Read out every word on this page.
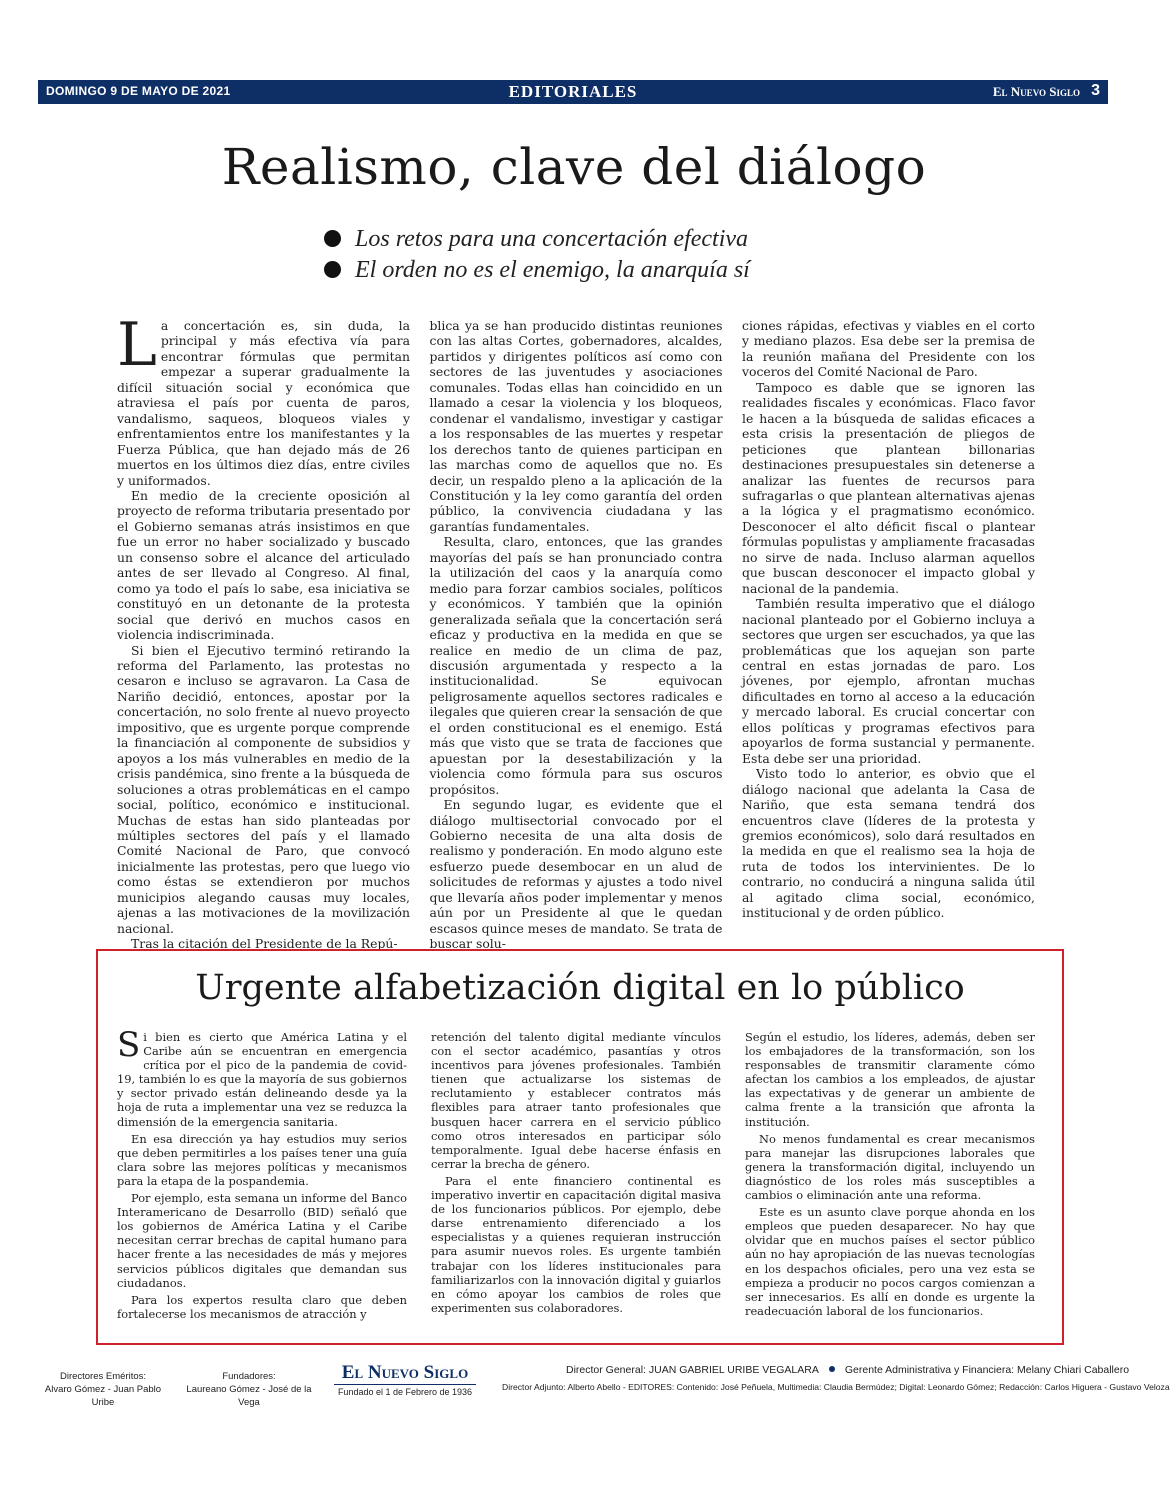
DOMINGO 9 DE MAYO DE 2021	EDITORIALES	El Nuevo Siglo 3
Realismo, clave del diálogo
Los retos para una concertación efectiva
El orden no es el enemigo, la anarquía sí

La concertación es, sin duda, la principal y más efectiva vía para encontrar fórmulas que permitan empezar a superar gradualmente la difícil situación social y económica que atraviesa el país por cuenta de paros, vandalismo, saqueos, bloqueos viales y enfrentamientos entre los manifestantes y la Fuerza Pública, que han dejado más de 26 muertos en los últimos diez días, entre civiles y uniformados.

En medio de la creciente oposición al proyecto de reforma tributaria presentado por el Gobierno semanas atrás insistimos en que fue un error no haber socializado y buscado un consenso sobre el alcance del articulado antes de ser llevado al Congreso. Al final, como ya todo el país lo sabe, esa iniciativa se constituyó en un detonante de la protesta social que derivó en muchos casos en violencia indiscriminada.

Si bien el Ejecutivo terminó retirando la reforma del Parlamento, las protestas no cesaron e incluso se agravaron. La Casa de Nariño decidió, entonces, apostar por la concertación, no solo frente al nuevo proyecto impositivo, que es urgente porque comprende la financiación al componente de subsidios y apoyos a los más vulnerables en medio de la crisis pandémica, sino frente a la búsqueda de soluciones a otras problemáticas en el campo social, político, económico e institucional. Muchas de estas han sido planteadas por múltiples sectores del país y el llamado Comité Nacional de Paro, que convocó inicialmente las protestas, pero que luego vio como éstas se extendieron por muchos municipios alegando causas muy locales, ajenas a las motivaciones de la movilización nacional.

Tras la citación del Presidente de la Repú-

blica ya se han producido distintas reuniones con las altas Cortes, gobernadores, alcaldes, partidos y dirigentes políticos así como con sectores de las juventudes y asociaciones comunales. Todas ellas han coincidido en un llamado a cesar la violencia y los bloqueos, condenar el vandalismo, investigar y castigar a los responsables de las muertes y respetar los derechos tanto de quienes participan en las marchas como de aquellos que no. Es decir, un respaldo pleno a la aplicación de la Constitución y la ley como garantía del orden público, la convivencia ciudadana y las garantías fundamentales.

Resulta, claro, entonces, que las grandes mayorías del país se han pronunciado contra la utilización del caos y la anarquía como medio para forzar cambios sociales, políticos y económicos. Y también que la opinión generalizada señala que la concertación será eficaz y productiva en la medida en que se realice en medio de un clima de paz, discusión argumentada y respecto a la institucionalidad. Se equivocan peligrosamente aquellos sectores radicales e ilegales que quieren crear la sensación de que el orden constitucional es el enemigo. Está más que visto que se trata de facciones que apuestan por la desestabilización y la violencia como fórmula para sus oscuros propósitos.

En segundo lugar, es evidente que el diálogo multisectorial convocado por el Gobierno necesita de una alta dosis de realismo y ponderación. En modo alguno este esfuerzo puede desembocar en un alud de solicitudes de reformas y ajustes a todo nivel que llevaría años poder implementar y menos aún por un Presidente al que le quedan escasos quince meses de mandato. Se trata de buscar solu-

ciones rápidas, efectivas y viables en el corto y mediano plazos. Esa debe ser la premisa de la reunión mañana del Presidente con los voceros del Comité Nacional de Paro.

Tampoco es dable que se ignoren las realidades fiscales y económicas. Flaco favor le hacen a la búsqueda de salidas eficaces a esta crisis la presentación de pliegos de peticiones que plantean billonarias destinaciones presupuestales sin detenerse a analizar las fuentes de recursos para sufragarlas o que plantean alternativas ajenas a la lógica y el pragmatismo económico. Desconocer el alto déficit fiscal o plantear fórmulas populistas y ampliamente fracasadas no sirve de nada. Incluso alarman aquellos que buscan desconocer el impacto global y nacional de la pandemia.

También resulta imperativo que el diálogo nacional planteado por el Gobierno incluya a sectores que urgen ser escuchados, ya que las problemáticas que los aquejan son parte central en estas jornadas de paro. Los jóvenes, por ejemplo, afrontan muchas dificultades en torno al acceso a la educación y mercado laboral. Es crucial concertar con ellos políticas y programas efectivos para apoyarlos de forma sustancial y permanente. Esta debe ser una prioridad.

Visto todo lo anterior, es obvio que el diálogo nacional que adelanta la Casa de Nariño, que esta semana tendrá dos encuentros clave (líderes de la protesta y gremios económicos), solo dará resultados en la medida en que el realismo sea la hoja de ruta de todos los intervinientes. De lo contrario, no conducirá a ninguna salida útil al agitado clima social, económico, institucional y de orden público.

Urgente alfabetización digital en lo público

Si bien es cierto que América Latina y el Caribe aún se encuentran en emergencia crítica por el pico de la pandemia de covid-19, también lo es que la mayoría de sus gobiernos y sector privado están delineando desde ya la hoja de ruta a implementar una vez se reduzca la dimensión de la emergencia sanitaria.

En esa dirección ya hay estudios muy serios que deben permitirles a los países tener una guía clara sobre las mejores políticas y mecanismos para la etapa de la pospandemia.

Por ejemplo, esta semana un informe del Banco Interamericano de Desarrollo (BID) señaló que los gobiernos de América Latina y el Caribe necesitan cerrar brechas de capital humano para hacer frente a las necesidades de más y mejores servicios públicos digitales que demandan sus ciudadanos.

Para los expertos resulta claro que deben fortalecerse los mecanismos de atracción y

retención del talento digital mediante vínculos con el sector académico, pasantías y otros incentivos para jóvenes profesionales. También tienen que actualizarse los sistemas de reclutamiento y establecer contratos más flexibles para atraer tanto profesionales que busquen hacer carrera en el servicio público como otros interesados en participar sólo temporalmente. Igual debe hacerse énfasis en cerrar la brecha de género.

Para el ente financiero continental es imperativo invertir en capacitación digital masiva de los funcionarios públicos. Por ejemplo, debe darse entrenamiento diferenciado a los especialistas y a quienes requieran instrucción para asumir nuevos roles. Es urgente también trabajar con los líderes institucionales para familiarizarlos con la innovación digital y guiarlos en cómo apoyar los cambios de roles que experimenten sus colaboradores.

Según el estudio, los líderes, además, deben ser los embajadores de la transformación, son los responsables de transmitir claramente cómo afectan los cambios a los empleados, de ajustar las expectativas y de generar un ambiente de calma frente a la transición que afronta la institución.

No menos fundamental es crear mecanismos para manejar las disrupciones laborales que genera la transformación digital, incluyendo un diagnóstico de los roles más susceptibles a cambios o eliminación ante una reforma.

Este es un asunto clave porque ahonda en los empleos que pueden desaparecer. No hay que olvidar que en muchos países el sector público aún no hay apropiación de las nuevas tecnologías en los despachos oficiales, pero una vez esta se empieza a producir no pocos cargos comienzan a ser innecesarios. Es allí en donde es urgente la readecuación laboral de los funcionarios.

Directores Eméritos:
Alvaro Gómez - Juan Pablo Uribe
Fundadores:
Laureano Gómez - José de la Vega
El Nuevo Siglo
Fundado el 1 de Febrero de 1936
Director General: JUAN GABRIEL URIBE VEGALARA Gerente Administrativa y Financiera: Melany Chiari Caballero
Director Adjunto: Alberto Abello - EDITORES: Contenido: José Peñuela, Multimedia: Claudia Bermúdez; Digital: Leonardo Gómez; Redacción: Carlos Higuera - Gustavo Veloza
